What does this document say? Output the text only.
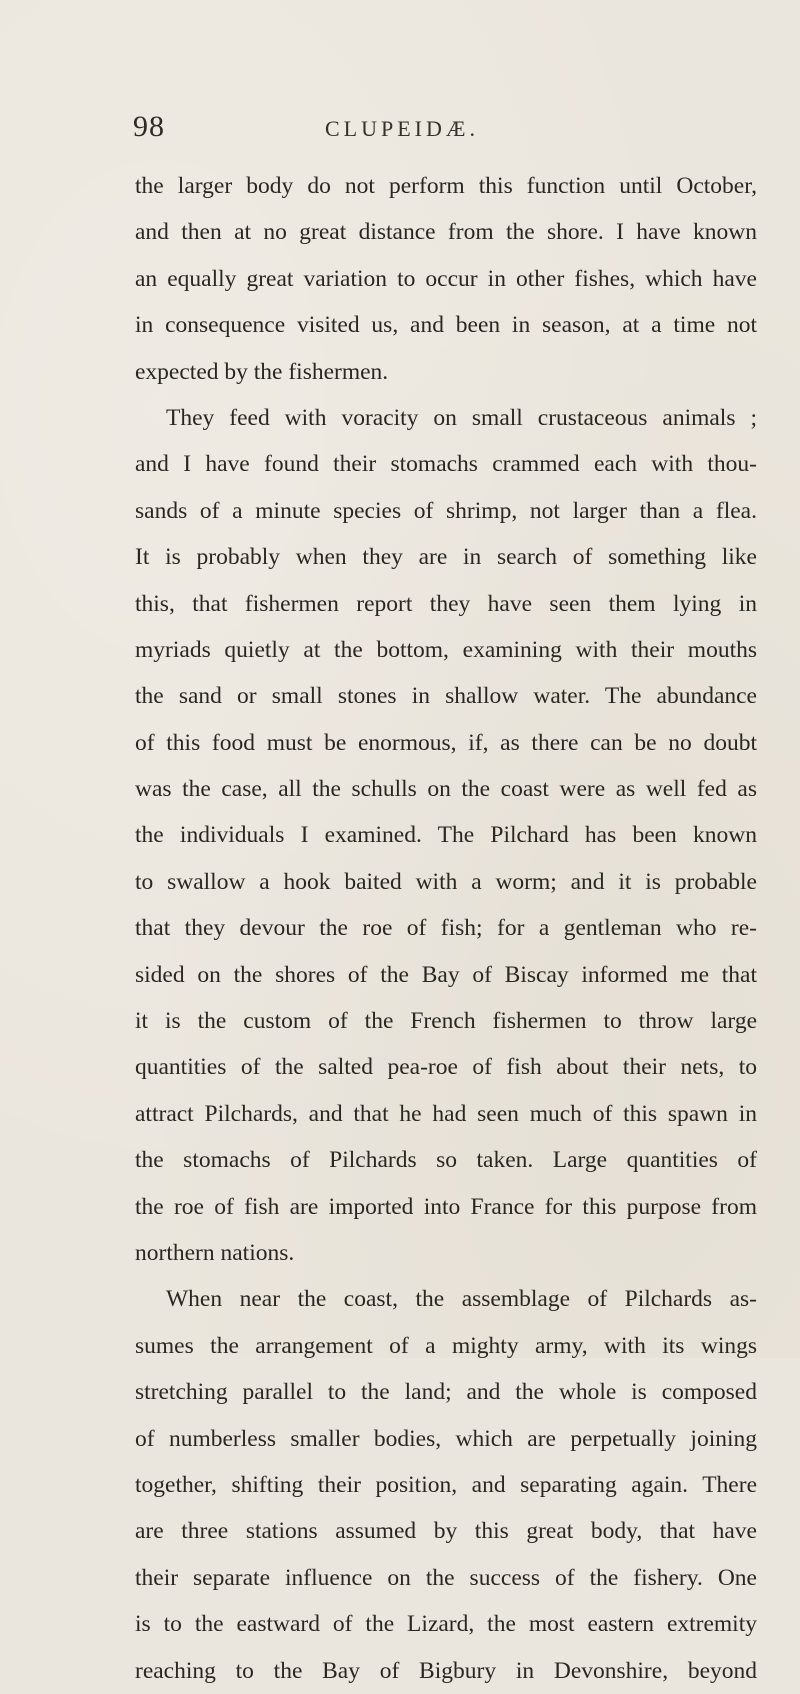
98	CLUPEIDÆ.
the larger body do not perform this function until October,
and then at no great distance from the shore. I have known
an equally great variation to occur in other fishes, which have
in consequence visited us, and been in season, at a time not
expected by the fishermen.
They feed with voracity on small crustaceous animals ;
and I have found their stomachs crammed each with thou-
sands of a minute species of shrimp, not larger than a flea.
It is probably when they are in search of something like
this, that fishermen report they have seen them lying in
myriads quietly at the bottom, examining with their mouths
the sand or small stones in shallow water. The abundance
of this food must be enormous, if, as there can be no doubt
was the case, all the schulls on the coast were as well fed as
the individuals I examined. The Pilchard has been known
to swallow a hook baited with a worm; and it is probable
that they devour the roe of fish; for a gentleman who re-
sided on the shores of the Bay of Biscay informed me that
it is the custom of the French fishermen to throw large
quantities of the salted pea-roe of fish about their nets, to
attract Pilchards, and that he had seen much of this spawn in
the stomachs of Pilchards so taken. Large quantities of
the roe of fish are imported into France for this purpose from
northern nations.
When near the coast, the assemblage of Pilchards as-
sumes the arrangement of a mighty army, with its wings
stretching parallel to the land; and the whole is composed
of numberless smaller bodies, which are perpetually joining
together, shifting their position, and separating again. There
are three stations assumed by this great body, that have
their separate influence on the success of the fishery. One
is to the eastward of the Lizard, the most eastern extremity
reaching to the Bay of Bigbury in Devonshire, beyond
